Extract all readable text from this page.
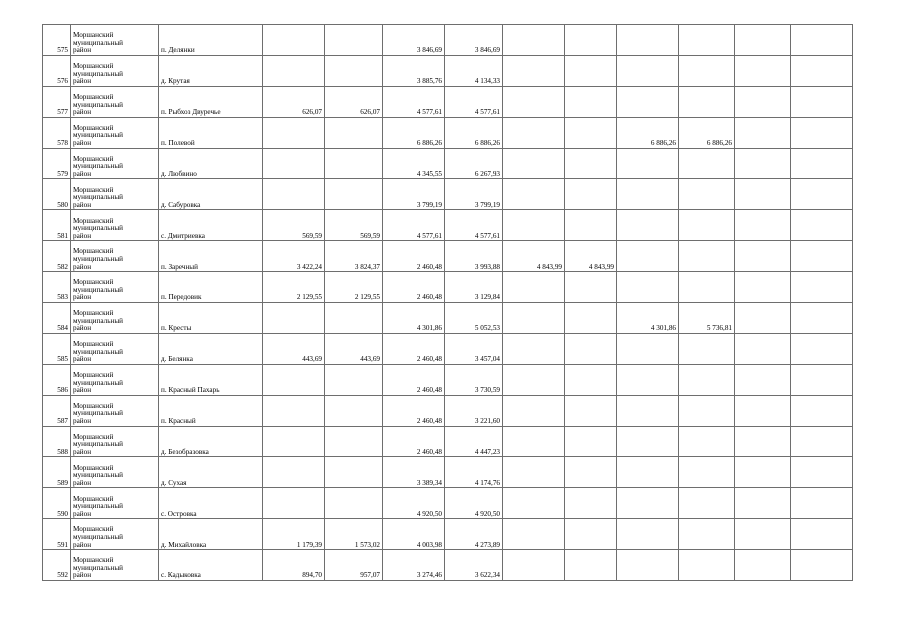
575	Моршанский
муниципальный
район	п. Делянки			3 846,69	3 846,69						
576	Моршанский
муниципальный
район	д. Крутая			3 885,76	4 134,33						
577	Моршанский
муниципальный
район	п. Рыбхоз Двуречье	626,07	626,07	4 577,61	4 577,61						
578	Моршанский
муниципальный
район	п. Полевой			6 886,26	6 886,26			6 886,26	6 886,26		
579	Моршанский
муниципальный
район	д. Любвино			4 345,55	6 267,93						
580	Моршанский
муниципальный
район	д. Сабуровка			3 799,19	3 799,19						
581	Моршанский
муниципальный
район	с. Дмитриевка	569,59	569,59	4 577,61	4 577,61						
582	Моршанский
муниципальный
район	п. Заречный	3 422,24	3 824,37	2 460,48	3 993,88	4 843,99	4 843,99				
583	Моршанский
муниципальный
район	п. Передовик	2 129,55	2 129,55	2 460,48	3 129,84						
584	Моршанский
муниципальный
район	п. Кресты			4 301,86	5 052,53			4 301,86	5 736,81		
585	Моршанский
муниципальный
район	д. Белянка	443,69	443,69	2 460,48	3 457,04						
586	Моршанский
муниципальный
район	п. Красный Пахарь			2 460,48	3 730,59						
587	Моршанский
муниципальный
район	п. Красный			2 460,48	3 221,60						
588	Моршанский
муниципальный
район	д. Безобразовка			2 460,48	4 447,23						
589	Моршанский
муниципальный
район	д. Сухая			3 389,34	4 174,76						
590	Моршанский
муниципальный
район	с. Островка			4 920,50	4 920,50						
591	Моршанский
муниципальный
район	д. Михайловка	1 179,39	1 573,02	4 003,98	4 273,89						
592	Моршанский
муниципальный
район	с. Кадыковка	894,70	957,07	3 274,46	3 622,34						
